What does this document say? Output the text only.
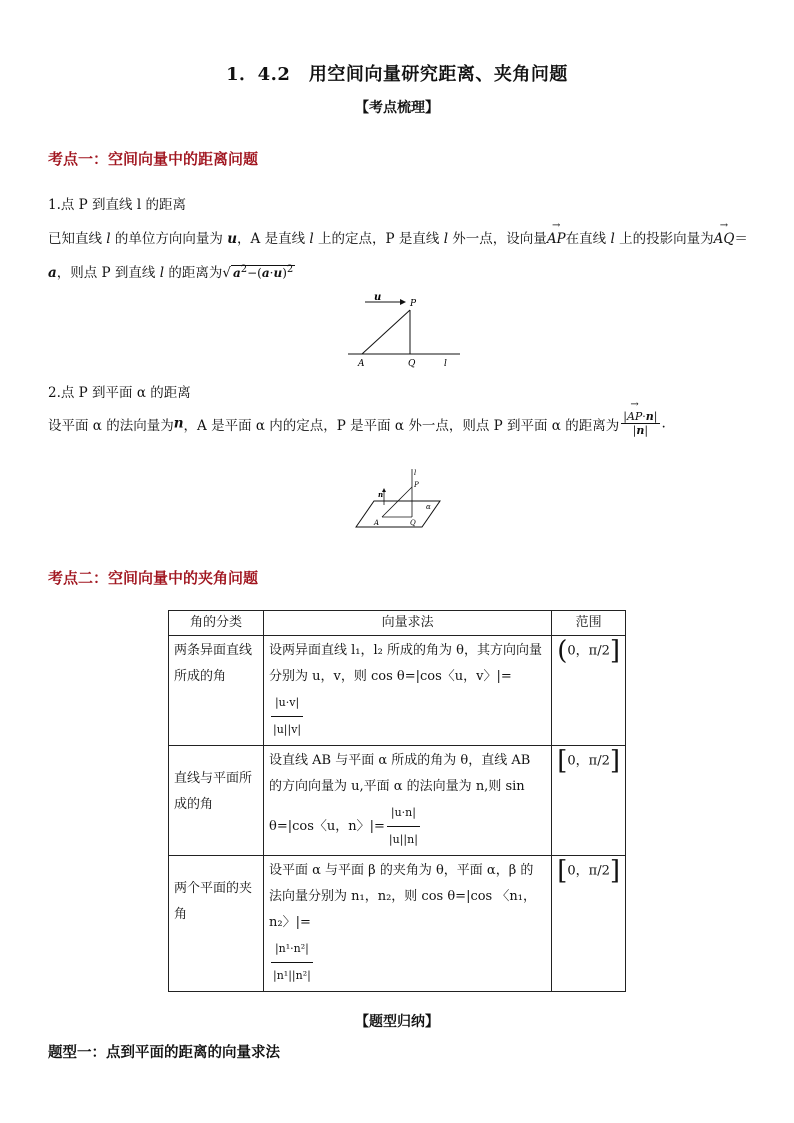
1．4.2　用空间向量研究距离、夹角问题
【考点梳理】
考点一：空间向量中的距离问题
1.点 P 到直线 l 的距离
已知直线 l 的单位方向向量为 u，A 是直线 l 上的定点，P 是直线 l 外一点，设向量→ AP在直线 l 上的投影向量为→ AQ＝
a，则点 P 到直线 l 的距离为√ $a^2-(a\cdot u)^2$
u
P
A	Q	l
2.点 P 到平面 α 的距离
设平面 α 的法向量为n，A 是平面 α 内的定点，P 是平面 α 外一点，则点 P 到平面 α 的距离为 $\frac{|\to AP\cdot n|}{|n|}$ .
l
n
P
A	Q
α
考点二：空间向量中的夹角问题
角的分类	向量求法	范围
两条异面直线所成的角	设两异面直线 l₁，l₂ 所成的角为 θ，其方向向量分别为 u，v，则 cos θ=|cos〈u，v〉|=
$\frac{|u\cdot v|}{|u||v|}$	(0，π/2]
直线与平面所成的角	设直线 AB 与平面 α 所成的角为 θ，直线 AB 的方向向量为 u,平面 α 的法向量为 n,则 sin θ=|cos〈u，n〉|= $\frac{|u\cdot n|}{|u||n|}$	[0，π/2]
两个平面的夹角	设平面 α 与平面 β 的夹角为 θ，平面 α，β 的法向量分别为 n₁，n₂，则 cos θ=|cos 〈n₁，n₂〉|=

$\frac{\text{|n¹·n²|}}{\text{|n¹||n²|}}$	[0，π/2]
【题型归纳】
题型一：点到平面的距离的向量求法
